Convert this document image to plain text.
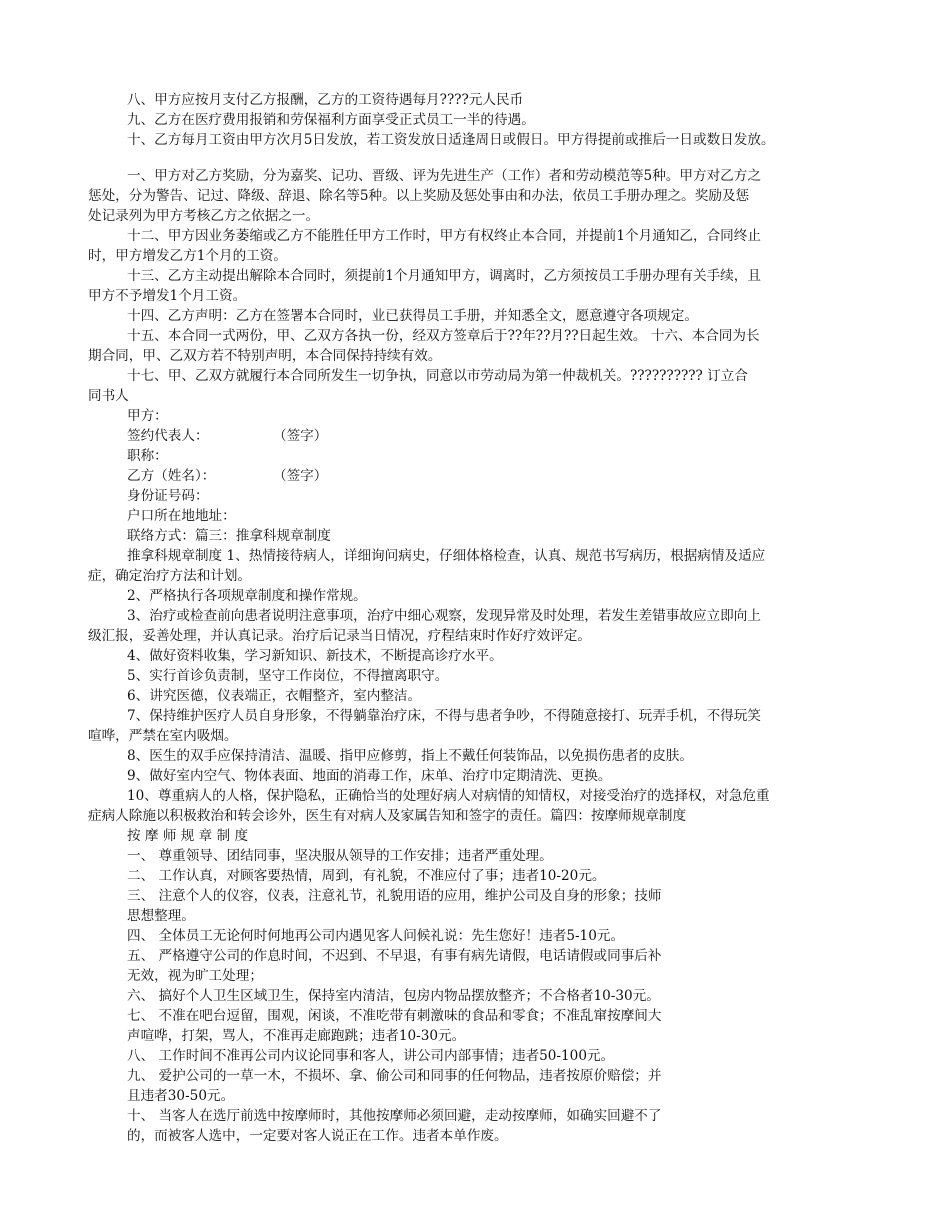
八、甲方应按月支付乙方报酬，乙方的工资待遇每月????元人民币
九、乙方在医疗费用报销和劳保福利方面享受正式员工一半的待遇。
十、乙方每月工资由甲方次月5日发放，若工资发放日适逢周日或假日。甲方得提前或推后一日或数日发放。
一、甲方对乙方奖励，分为嘉奖、记功、晋级、评为先进生产（工作）者和劳动模范等5种。甲方对乙方之
惩处，分为警告、记过、降级、辞退、除名等5种。以上奖励及惩处事由和办法，依员工手册办理之。奖励及惩
处记录列为甲方考核乙方之依据之一。
十二、甲方因业务萎缩或乙方不能胜任甲方工作时，甲方有权终止本合同，并提前1个月通知乙，合同终止
时，甲方增发乙方1个月的工资。
十三、乙方主动提出解除本合同时，须提前1个月通知甲方，调离时，乙方须按员工手册办理有关手续，且
甲方不予增发1个月工资。
十四、乙方声明：乙方在签署本合同时，业已获得员工手册，并知悉全文，愿意遵守各项规定。
十五、本合同一式两份，甲、乙双方各执一份，经双方签章后于??年??月??日起生效。 十六、本合同为长
期合同，甲、乙双方若不特别声明，本合同保持持续有效。
十七、甲、乙双方就履行本合同所发生一切争执，同意以市劳动局为第一仲裁机关。?????????? 订立合
同书人
甲方：
签约代表人：	（签字）
职称：
乙方（姓名）：	（签字）
身份证号码：
户口所在地地址：
联络方式：篇三：推拿科规章制度
推拿科规章制度 1、热情接待病人，详细询问病史，仔细体格检查，认真、规范书写病历，根据病情及适应
症，确定治疗方法和计划。
2、严格执行各项规章制度和操作常规。
3、治疗或检查前向患者说明注意事项，治疗中细心观察，发现异常及时处理，若发生差错事故应立即向上
级汇报，妥善处理，并认真记录。治疗后记录当日情况，疗程结束时作好疗效评定。
4、做好资料收集，学习新知识、新技术，不断提高诊疗水平。
5、实行首诊负责制，坚守工作岗位，不得擅离职守。
6、讲究医德，仪表端正，衣帽整齐，室内整洁。
7、保持维护医疗人员自身形象，不得躺靠治疗床，不得与患者争吵，不得随意接打、玩弄手机，不得玩笑
喧哗，严禁在室内吸烟。
8、医生的双手应保持清洁、温暖、指甲应修剪，指上不戴任何装饰品，以免损伤患者的皮肤。
9、做好室内空气、物体表面、地面的消毒工作，床单、治疗巾定期清洗、更换。
10、尊重病人的人格，保护隐私，正确恰当的处理好病人对病情的知情权，对接受治疗的选择权，对急危重
症病人除施以积极救治和转会诊外，医生有对病人及家属告知和签字的责任。篇四：按摩师规章制度
按 摩 师 规 章 制 度
一、 尊重领导、团结同事，坚决服从领导的工作安排；违者严重处理。
二、 工作认真，对顾客要热情，周到，有礼貌，不准应付了事；违者10-20元。
三、 注意个人的仪容，仪表，注意礼节，礼貌用语的应用，维护公司及自身的形象；技师
思想整理。
四、 全体员工无论何时何地再公司内遇见客人问候礼说：先生您好！违者5-10元。
五、 严格遵守公司的作息时间，不迟到、不早退，有事有病先请假，电话请假或同事后补
无效，视为旷工处理；
六、 搞好个人卫生区域卫生，保持室内清洁，包房内物品摆放整齐；不合格者10-30元。
七、 不准在吧台逗留，围观，闲谈，不准吃带有刺激味的食品和零食；不准乱窜按摩间大
声喧哗，打架，骂人，不准再走廊跑跳；违者10-30元。
八、 工作时间不准再公司内议论同事和客人，讲公司内部事情；违者50-100元。
九、 爱护公司的一草一木，不损坏、拿、偷公司和同事的任何物品，违者按原价赔偿；并
且违者30-50元。
十、 当客人在选厅前选中按摩师时，其他按摩师必须回避，走动按摩师，如确实回避不了
的，而被客人选中，一定要对客人说正在工作。违者本单作废。
